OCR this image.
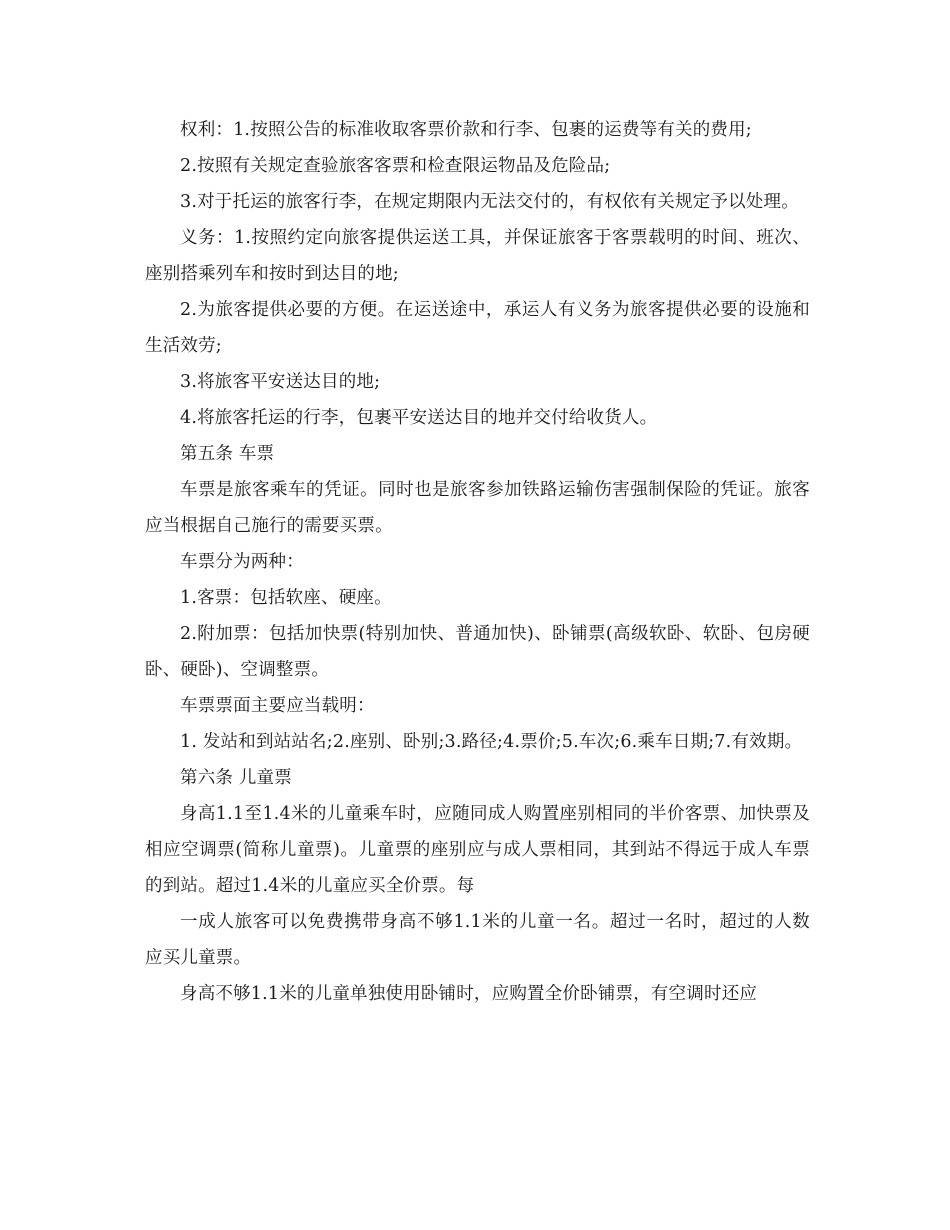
权利：1.按照公告的标准收取客票价款和行李、包裹的运费等有关的费用;

2.按照有关规定查验旅客客票和检查限运物品及危险品;

3.对于托运的旅客行李，在规定期限内无法交付的，有权依有关规定予以处理。

义务：1.按照约定向旅客提供运送工具，并保证旅客于客票载明的时间、班次、座别搭乘列车和按时到达目的地;

2.为旅客提供必要的方便。在运送途中，承运人有义务为旅客提供必要的设施和生活效劳;

3.将旅客平安送达目的地;

4.将旅客托运的行李，包裹平安送达目的地并交付给收货人。

第五条 车票

车票是旅客乘车的凭证。同时也是旅客参加铁路运输伤害强制保险的凭证。旅客应当根据自己施行的需要买票。

车票分为两种：

1.客票：包括软座、硬座。

2.附加票：包括加快票(特别加快、普通加快)、卧铺票(高级软卧、软卧、包房硬卧、硬卧)、空调整票。

车票票面主要应当载明：

1. 发站和到站站名;2.座别、卧别;3.路径;4.票价;5.车次;6.乘车日期;7.有效期。

第六条 儿童票

身高1.1至1.4米的儿童乘车时，应随同成人购置座别相同的半价客票、加快票及相应空调票(简称儿童票)。儿童票的座别应与成人票相同，其到站不得远于成人车票的到站。超过1.4米的儿童应买全价票。每

一成人旅客可以免费携带身高不够1.1米的儿童一名。超过一名时，超过的人数应买儿童票。

身高不够1.1米的儿童单独使用卧铺时，应购置全价卧铺票，有空调时还应
